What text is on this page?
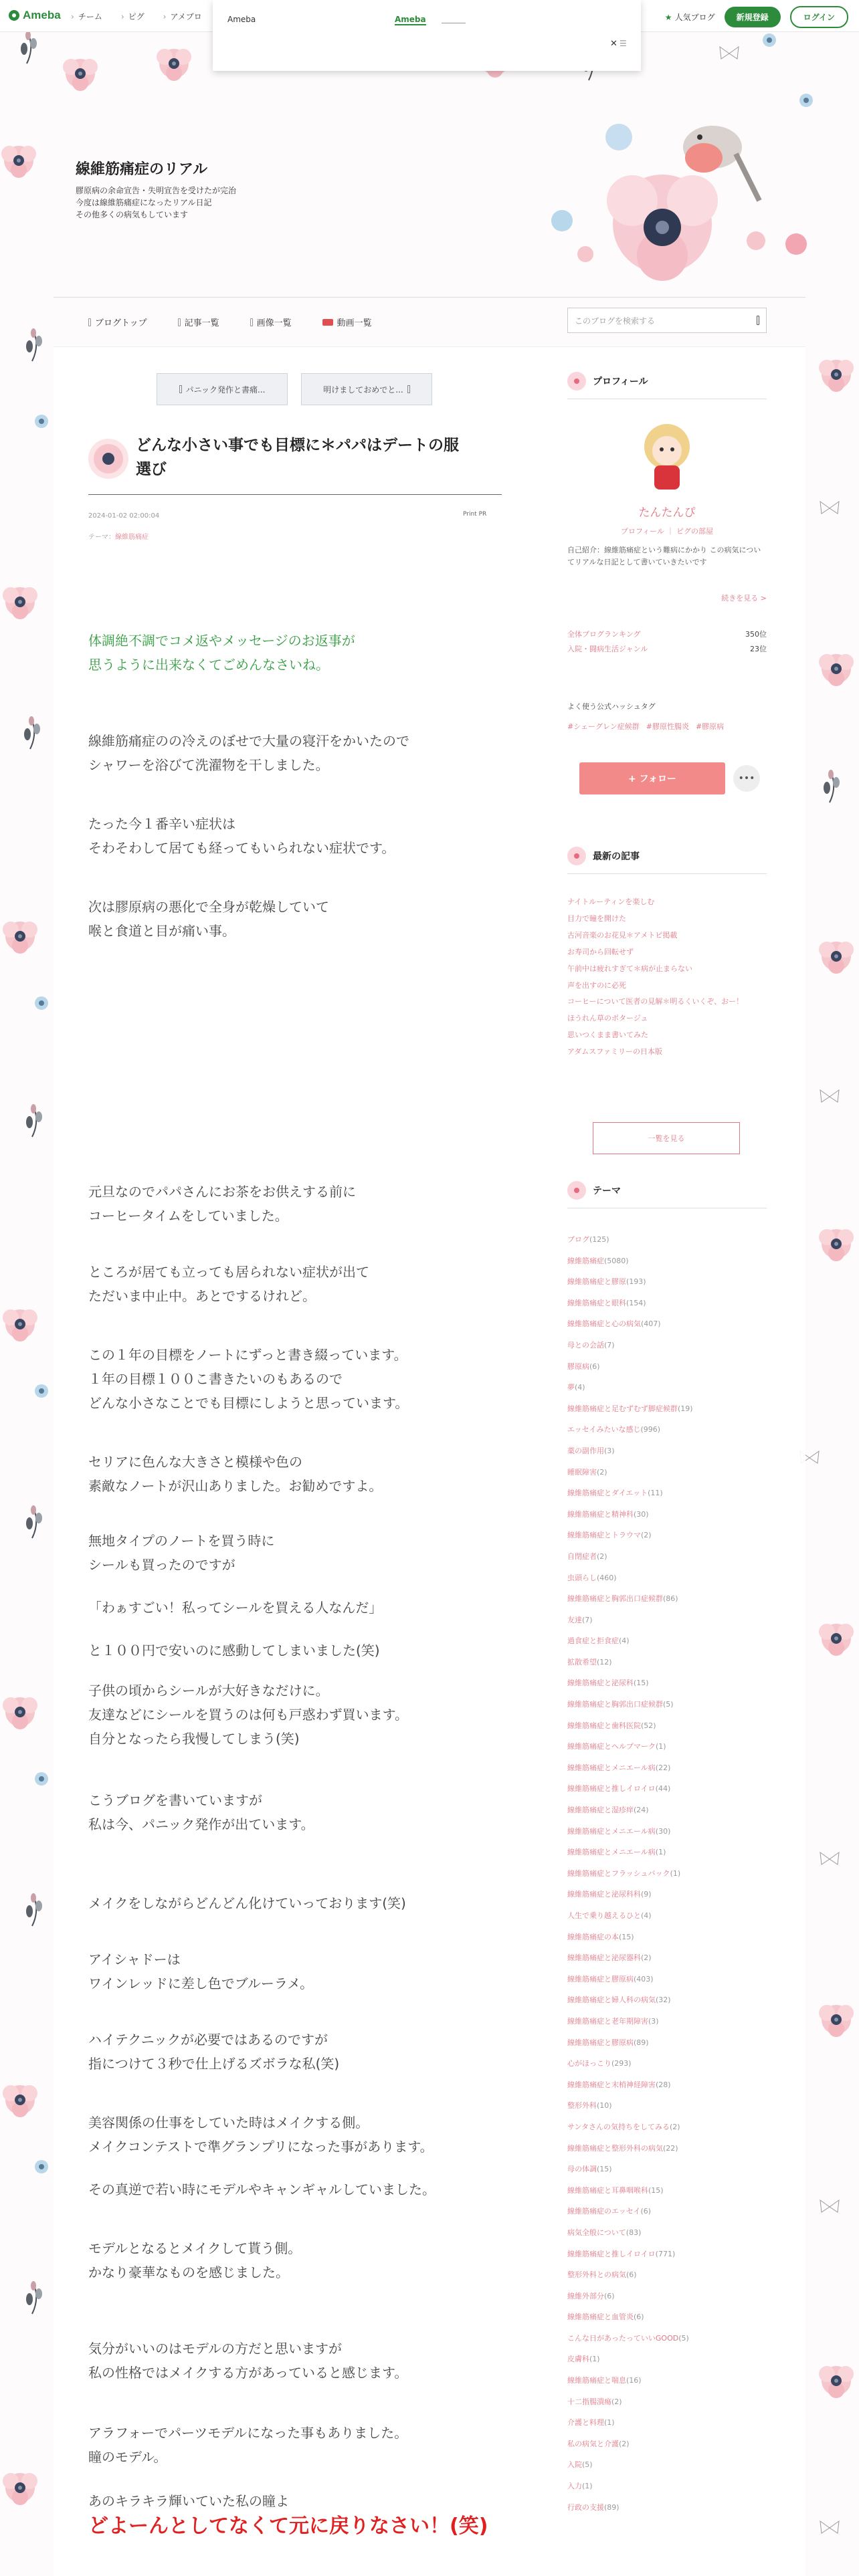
Ameba	› チーム	› ピグ	› アメブロ	★ 人気ブログ	新規登録	ログイン
Ameba	Ameba
✕ ☰
線維筋痛症のリアル
膠原病の余命宣告・失明宣告を受けたが完治
今度は線維筋痛症になったリアル日記
その他多くの病気もしています
ブログトップ	記事一覧	画像一覧	動画一覧	このブログを検索する
パニック発作と書痛...	明けましておめでと...
どんな小さい事でも目標に＊パパはデートの服
選び
2024-01-02 02:00:04
テーマ：線維筋痛症
Print PR

体調絶不調でコメ返やメッセージのお返事が

思うように出来なくてごめんなさいね。

線維筋痛症のの冷えのぼせで大量の寝汗をかいたので

シャワーを浴びて洗濯物を干しました。

たった今１番辛い症状は

そわそわして居ても経ってもいられない症状です。

次は膠原病の悪化で全身が乾燥していて

喉と食道と目が痛い事。

元旦なのでパパさんにお茶をお供えする前に

コーヒータイムをしていました。

ところが居ても立っても居られない症状が出て

ただいま中止中。あとでするけれど。

この１年の目標をノートにずっと書き綴っています。

１年の目標１００こ書きたいのもあるので

どんな小さなことでも目標にしようと思っています。

セリアに色んな大きさと模様や色の

素敵なノートが沢山ありました。お勧めですよ。

無地タイプのノートを買う時に

シールも買ったのですが

「わぁすごい！私ってシールを買える人なんだ」

と１００円で安いのに感動してしまいました(笑)

子供の頃からシールが大好きなだけに。

友達などにシールを買うのは何も戸惑わず買います。

自分となったら我慢してしまう(笑)

こうブログを書いていますが

私は今、パニック発作が出ています。

メイクをしながらどんどん化けていっております(笑)

アイシャドーは

ワインレッドに差し色でブルーラメ。

ハイテクニックが必要ではあるのですが

指につけて３秒で仕上げるズボラな私(笑)

美容関係の仕事をしていた時はメイクする側。

メイクコンテストで準グランプリになった事があります。

その真逆で若い時にモデルやキャンギャルしていました。

モデルとなるとメイクして貰う側。

かなり豪華なものを感じました。

気分がいいのはモデルの方だと思いますが

私の性格ではメイクする方があっていると感じます。

アラフォーでパーツモデルになった事もありました。

瞳のモデル。

あのキラキラ輝いていた私の瞳よ

どよーんとしてなくて元に戻りなさい！(笑)

プロフィール
たんたんぴ
プロフィール ｜ ピグの部屋
自己紹介：線維筋痛症という難病にかかり この病気についてリアルな日記として書いていきたいです
続きを見る >
全体ブログランキング	350位
入院・闘病生活ジャンル	23位
よく使う公式ハッシュタグ
#シェーグレン症候群 #膠原性腸炎 #膠原病
+ フォロー	•••
最新の記事
ナイトルーティンを楽しむ
目力で瞳を開けた
古河音楽のお花見＊アメトピ掲載
お寿司から回転せず
午前中は疲れすぎて＊病が止まらない
声を出すのに必死
コーヒーについて医者の見解＊明るくいくぞ、おー！
ほうれん草のポタージュ
思いつくまま書いてみた
アダムスファミリーの日本版
一覧を見る
テーマ
ブログ(125)
線維筋痛症(5080)
線維筋痛症と膠原(193)
線維筋痛症と眼科(154)
線維筋痛症と心の病気(407)
母との会話(7)
膠原病(6)
夢(4)
線維筋痛症と足むずむず脚症候群(19)
エッセイみたいな感じ(996)
薬の副作用(3)
睡眠障害(2)
線維筋痛症とダイエット(11)
線維筋痛症と精神科(30)
線維筋痛症とトラウマ(2)
自閉症者(2)
虫頭らし(460)
線維筋痛症と胸郭出口症候群(86)
友達(7)
過食症と拒食症(4)
拡散希望(12)
線維筋痛症と泌尿科(15)
線維筋痛症と胸郭出口症候群(5)
線維筋痛症と歯科医院(52)
線維筋痛症とヘルプマーク(1)
線維筋痛症とメニエール病(22)
線維筋痛症と推しイロイロ(44)
線維筋痛症と湿疹痒(24)
線維筋痛症とメニエール病(30)
線維筋痛症とメニエール病(1)
線維筋痛症とフラッシュバック(1)
線維筋痛症と泌尿科科(9)
人生で乗り越えるひと(4)
線維筋痛症の本(15)
線維筋痛症と泌尿器科(2)
線維筋痛症と膠原病(403)
線維筋痛症と婦人科の病気(32)
線維筋痛症と老年期障害(3)
線維筋痛症と膠原病(89)
心がほっこり(293)
線維筋痛症と末梢神経障害(28)
整形外科(10)
サンタさんの気持ちをしてみる(2)
線維筋痛症と整形外科の病気(22)
母の体調(15)
線維筋痛症と耳鼻咽喉科(15)
線維筋痛症のエッセイ(6)
病気全般について(83)
線維筋痛症と推しイロイロ(771)
整形外科との病気(6)
線維外部分(6)
線維筋痛症と血管炎(6)
こんな日があったっていいGOOD(5)
皮膚科(1)
線維筋痛症と喘息(16)
十二指腸潰瘍(2)
介護と料理(1)
私の病気と介護(2)
入院(5)
入力(1)
行政の支援(89)
